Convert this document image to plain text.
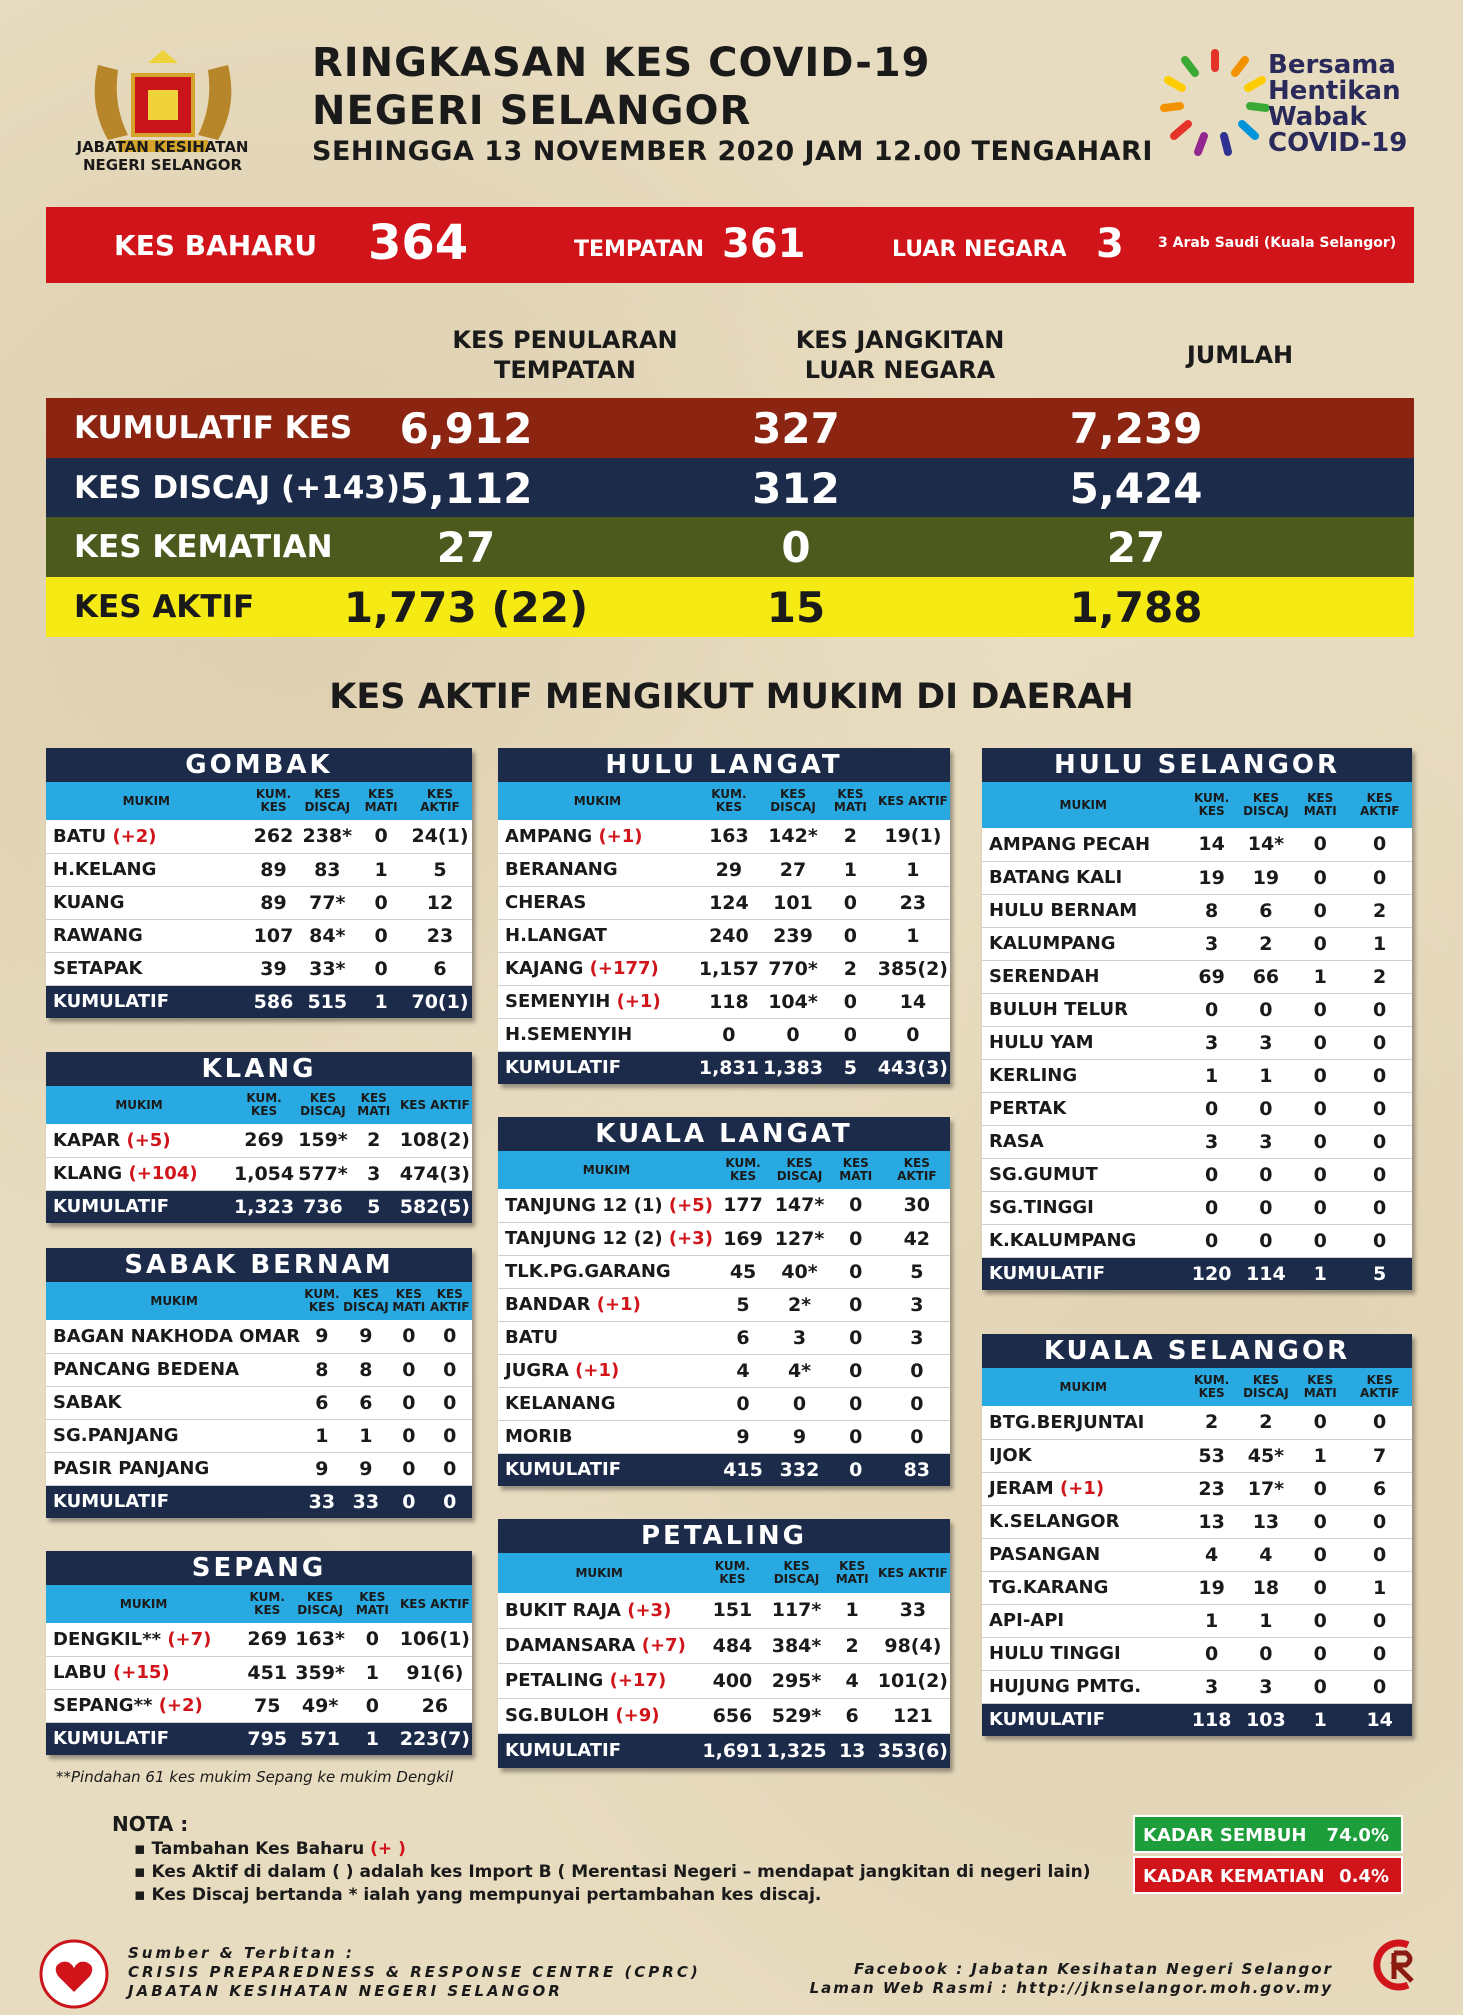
JABATAN KESIHATAN NEGERI SELANGOR
RINGKASAN KES COVID-19
NEGERI SELANGOR
SEHINGGA 13 NOVEMBER 2020 JAM 12.00 TENGAHARI
Bersama
Hentikan
Wabak
COVID-19
KES BAHARU 364	TEMPATAN 361	LUAR NEGARA 3 3 Arab Saudi (Kuala Selangor)
KES PENULARAN
TEMPATAN
KES JANGKITAN
LUAR NEGARA
JUMLAH
KUMULATIF KES	6,912	327	7,239
KES DISCAJ (+143) 5,112	312	5,424
KES KEMATIAN	27	0	27
KES AKTIF	1,773 (22)	15	1,788
KES AKTIF MENGIKUT MUKIM DI DAERAH
GOMBAK
MUKIM	KUM. KES	KES DISCAJ	KES MATI	KES AKTIF
BATU (+2)	262	238*	0	24(1)
H.KELANG	89	83	1	5
KUANG	89	77*	0	12
RAWANG	107	84*	0	23
SETAPAK	39	33*	0	6
KUMULATIF	586	515	1	70(1)
KLANG
MUKIM	KUM. KES	KES DISCAJ	KES MATI	KES AKTIF
KAPAR (+5)	269	159*	2	108(2)
KLANG (+104)	1,054	577*	3	474(3)
KUMULATIF	1,323	736	5	582(5)
SABAK BERNAM
MUKIM	KUM. KES	KES DISCAJ	KES MATI	KES AKTIF
BAGAN NAKHODA OMAR	9	9	0	0
PANCANG BEDENA	8	8	0	0
SABAK	6	6	0	0
SG.PANJANG	1	1	0	0
PASIR PANJANG	9	9	0	0
KUMULATIF	33	33	0	0
SEPANG
MUKIM	KUM. KES	KES DISCAJ	KES MATI	KES AKTIF
DENGKIL** (+7)	269	163*	0	106(1)
LABU (+15)	451	359*	1	91(6)
SEPANG** (+2)	75	49*	0	26
KUMULATIF	795	571	1	223(7)
HULU LANGAT
MUKIM	KUM. KES	KES DISCAJ	KES MATI	KES AKTIF
AMPANG (+1)	163	142*	2	19(1)
BERANANG	29	27	1	1
CHERAS	124	101	0	23
H.LANGAT	240	239	0	1
KAJANG (+177)	1,157	770*	2	385(2)
SEMENYIH (+1)	118	104*	0	14
H.SEMENYIH	0	0	0	0
KUMULATIF	1,831	1,383	5	443(3)
KUALA LANGAT
MUKIM	KUM. KES	KES DISCAJ	KES MATI	KES AKTIF
TANJUNG 12 (1) (+5)	177	147*	0	30
TANJUNG 12 (2) (+3)	169	127*	0	42
TLK.PG.GARANG	45	40*	0	5
BANDAR (+1)	5	2*	0	3
BATU	6	3	0	3
JUGRA (+1)	4	4*	0	0
KELANANG	0	0	0	0
MORIB	9	9	0	0
KUMULATIF	415	332	0	83
PETALING
MUKIM	KUM. KES	KES DISCAJ	KES MATI	KES AKTIF
BUKIT RAJA (+3)	151	117*	1	33
DAMANSARA (+7)	484	384*	2	98(4)
PETALING (+17)	400	295*	4	101(2)
SG.BULOH (+9)	656	529*	6	121
KUMULATIF	1,691	1,325	13	353(6)
HULU SELANGOR
MUKIM	KUM. KES	KES DISCAJ	KES MATI	KES AKTIF
AMPANG PECAH	14	14*	0	0
BATANG KALI	19	19	0	0
HULU BERNAM	8	6	0	2
KALUMPANG	3	2	0	1
SERENDAH	69	66	1	2
BULUH TELUR	0	0	0	0
HULU YAM	3	3	0	0
KERLING	1	1	0	0
PERTAK	0	0	0	0
RASA	3	3	0	0
SG.GUMUT	0	0	0	0
SG.TINGGI	0	0	0	0
K.KALUMPANG	0	0	0	0
KUMULATIF	120	114	1	5
KUALA SELANGOR
MUKIM	KUM. KES	KES DISCAJ	KES MATI	KES AKTIF
BTG.BERJUNTAI	2	2	0	0
IJOK	53	45*	1	7
JERAM (+1)	23	17*	0	6
K.SELANGOR	13	13	0	0
PASANGAN	4	4	0	0
TG.KARANG	19	18	0	1
API-API	1	1	0	0
HULU TINGGI	0	0	0	0
HUJUNG PMTG.	3	3	0	0
KUMULATIF	118	103	1	14
**Pindahan 61 kes mukim Sepang ke mukim Dengkil
NOTA :
▪ Tambahan Kes Baharu (+ )
▪ Kes Aktif di dalam ( ) adalah kes Import B ( Merentasi Negeri – mendapat jangkitan di negeri lain)
▪ Kes Discaj bertanda * ialah yang mempunyai pertambahan kes discaj.
KADAR SEMBUH 74.0%
KADAR KEMATIAN 0.4%
Sumber & Terbitan :
CRISIS PREPAREDNESS & RESPONSE CENTRE (CPRC)
JABATAN KESIHATAN NEGERI SELANGOR
Facebook : Jabatan Kesihatan Negeri Selangor
Laman Web Rasmi : http://jknselangor.moh.gov.my
